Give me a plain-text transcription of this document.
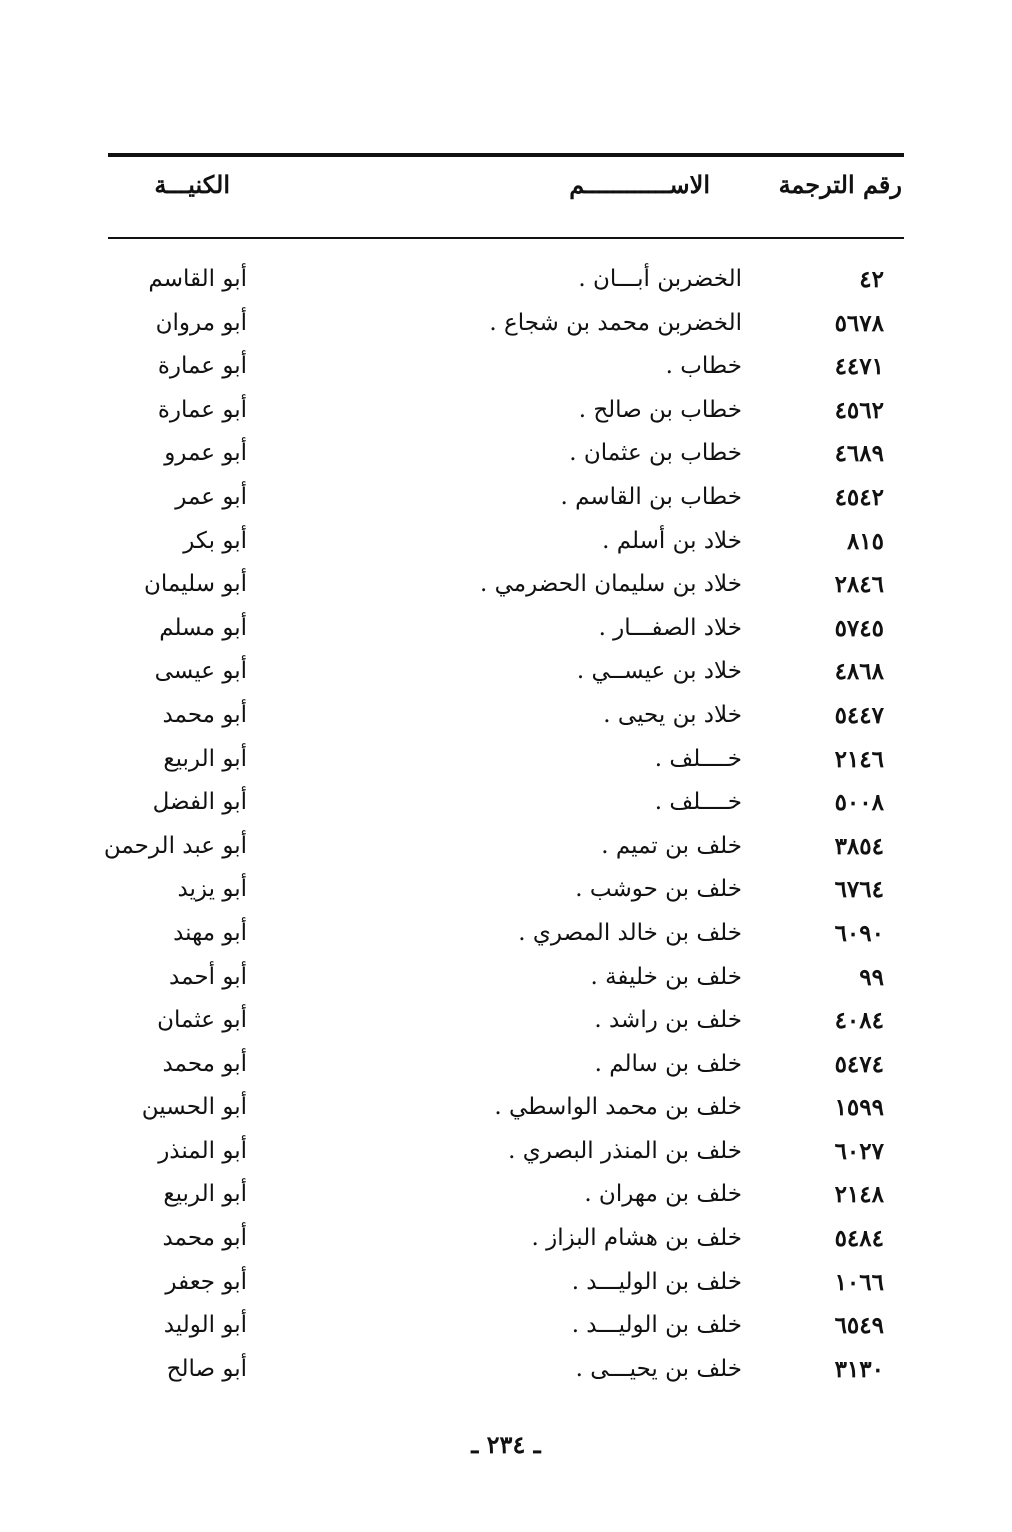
رقم الترجمة
الاســــــــــــم
الكنيـــة
٤٢
الخضربن أبـــان .
أبو القاسم
٥٦٧٨
الخضربن محمد بن شجاع .
أبو مروان
٤٤٧١
خطاب .
أبو عمارة
٤٥٦٢
خطاب بن صالح .
أبو عمارة
٤٦٨٩
خطاب بن عثمان .
أبو عمرو
٤٥٤٢
خطاب بن القاسم .
أبو عمر
٨١٥
خلاد بن أسلم .
أبو بكر
٢٨٤٦
خلاد بن سليمان الحضرمي .
أبو سليمان
٥٧٤٥
خلاد الصفـــار .
أبو مسلم
٤٨٦٨
خلاد بن عيســي .
أبو عيسى
٥٤٤٧
خلاد بن يحيى .
أبو محمد
٢١٤٦
خــــلف .
أبو الربيع
٥٠٠٨
خــــلف .
أبو الفضل
٣٨٥٤
خلف بن تميم .
أبو عبد الرحمن
٦٧٦٤
خلف بن حوشب .
أبو يزيد
٦٠٩٠
خلف بن خالد المصري .
أبو مهند
٩٩
خلف بن خليفة .
أبو أحمد
٤٠٨٤
خلف بن راشد .
أبو عثمان
٥٤٧٤
خلف بن سالم .
أبو محمد
١٥٩٩
خلف بن محمد الواسطي .
أبو الحسين
٦٠٢٧
خلف بن المنذر البصري .
أبو المنذر
٢١٤٨
خلف بن مهران .
أبو الربيع
٥٤٨٤
خلف بن هشام البزاز .
أبو محمد
١٠٦٦
خلف بن الوليـــد .
أبو جعفر
٦٥٤٩
خلف بن الوليـــد .
أبو الوليد
٣١٣٠
خلف بن يحيـــى .
أبو صالح
ـ ٢٣٤ ـ
